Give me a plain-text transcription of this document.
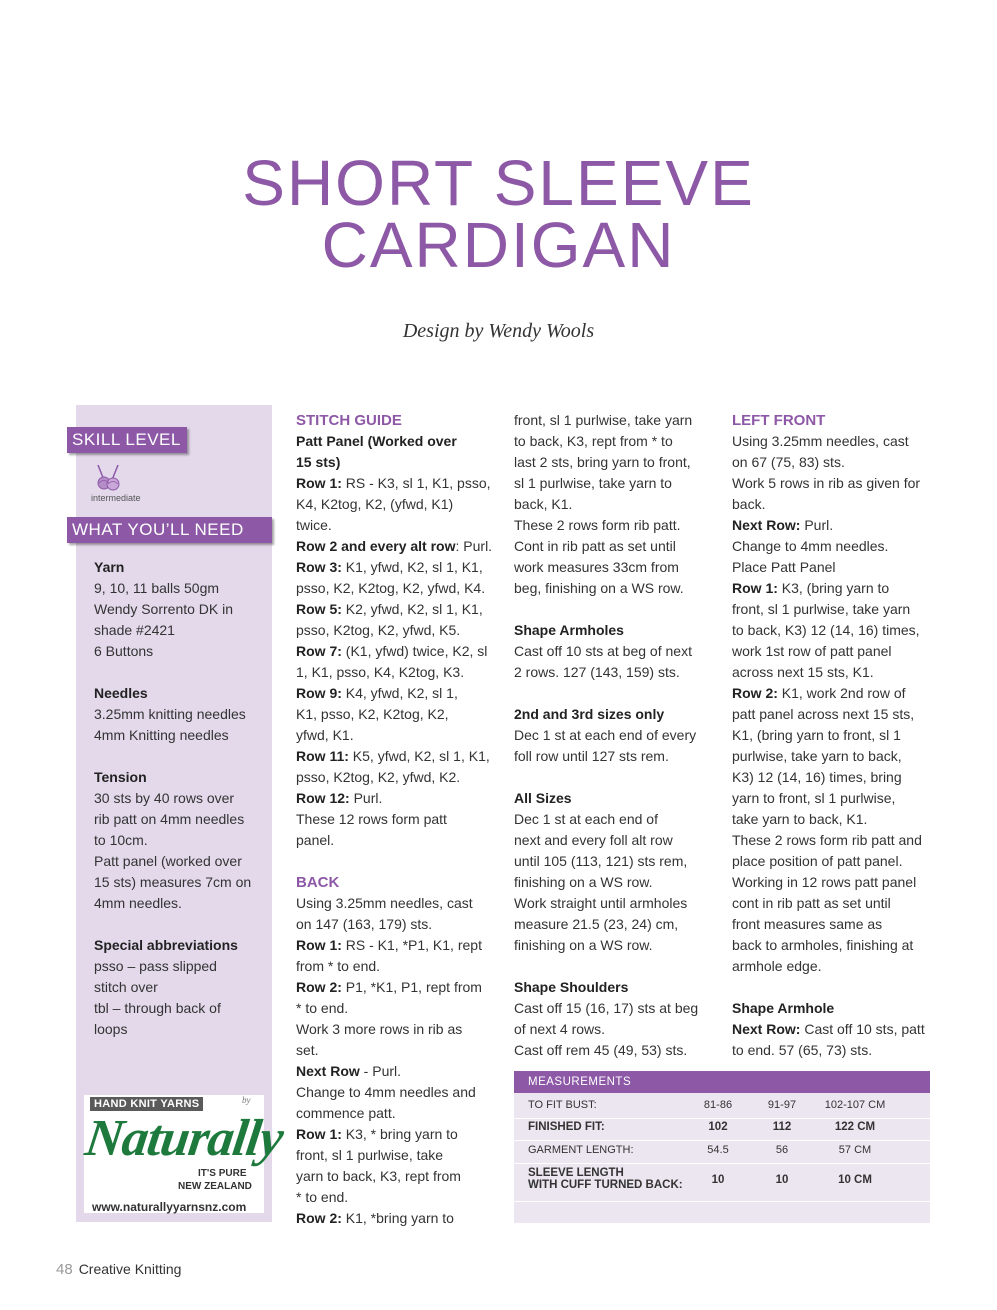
SHORT SLEEVE
CARDIGAN
Design by Wendy Wools
SKILL LEVEL
intermediate
WHAT YOU’LL NEED

Yarn

9, 10, 11 balls 50gm

Wendy Sorrento DK in

shade #2421

6 Buttons

Needles

3.25mm knitting needles

4mm Knitting needles

Tension

30 sts by 40 rows over

rib patt on 4mm needles

to 10cm.

Patt panel (worked over

15 sts) measures 7cm on

4mm needles.

Special abbreviations

psso – pass slipped

stitch over

tbl – through back of

loops

HAND KNIT YARNS	by
Naturally
IT'S PURE
NEW ZEALAND
www.naturallyyarnsnz.com

STITCH GUIDE

Patt Panel (Worked over

15 sts)

Row 1: RS - K3, sl 1, K1, psso,

K4, K2tog, K2, (yfwd, K1)

twice.

Row 2 and every alt row: Purl.

Row 3: K1, yfwd, K2, sl 1, K1,

psso, K2, K2tog, K2, yfwd, K4.

Row 5: K2, yfwd, K2, sl 1, K1,

psso, K2tog, K2, yfwd, K5.

Row 7: (K1, yfwd) twice, K2, sl

1, K1, psso, K4, K2tog, K3.

Row 9: K4, yfwd, K2, sl 1,

K1, psso, K2, K2tog, K2,

yfwd, K1.

Row 11: K5, yfwd, K2, sl 1, K1,

psso, K2tog, K2, yfwd, K2.

Row 12: Purl.

These 12 rows form patt

panel.

BACK

Using 3.25mm needles, cast

on 147 (163, 179) sts.

Row 1: RS - K1, *P1, K1, rept

from * to end.

Row 2: P1, *K1, P1, rept from

* to end.

Work 3 more rows in rib as

set.

Next Row - Purl.

Change to 4mm needles and

commence patt.

Row 1: K3, * bring yarn to

front, sl 1 purlwise, take

yarn to back, K3, rept from

* to end.

Row 2: K1, *bring yarn to

front, sl 1 purlwise, take yarn

to back, K3, rept from * to

last 2 sts, bring yarn to front,

sl 1 purlwise, take yarn to

back, K1.

These 2 rows form rib patt.

Cont in rib patt as set until

work measures 33cm from

beg, finishing on a WS row.

Shape Armholes

Cast off 10 sts at beg of next

2 rows. 127 (143, 159) sts.

2nd and 3rd sizes only

Dec 1 st at each end of every

foll row until 127 sts rem.

All Sizes

Dec 1 st at each end of

next and every foll alt row

until 105 (113, 121) sts rem,

finishing on a WS row.

Work straight until armholes

measure 21.5 (23, 24) cm,

finishing on a WS row.

Shape Shoulders

Cast off 15 (16, 17) sts at beg

of next 4 rows.

Cast off rem 45 (49, 53) sts.

LEFT FRONT

Using 3.25mm needles, cast

on 67 (75, 83) sts.

Work 5 rows in rib as given for

back.

Next Row: Purl.

Change to 4mm needles.

Place Patt Panel

Row 1: K3, (bring yarn to

front, sl 1 purlwise, take yarn

to back, K3) 12 (14, 16) times,

work 1st row of patt panel

across next 15 sts, K1.

Row 2: K1, work 2nd row of

patt panel across next 15 sts,

K1, (bring yarn to front, sl 1

purlwise, take yarn to back,

K3) 12 (14, 16) times, bring

yarn to front, sl 1 purlwise,

take yarn to back, K1.

These 2 rows form rib patt and

place position of patt panel.

Working in 12 rows patt panel

cont in rib patt as set until

front measures same as

back to armholes, finishing at

armhole edge.

Shape Armhole

Next Row: Cast off 10 sts, patt

to end. 57 (65, 73) sts.

MEASUREMENTS
TO FIT BUST:	81-86	91-97	102-107 CM
FINISHED FIT:	102	112	122 CM
GARMENT LENGTH:	54.5	56	57 CM
SLEEVE LENGTH
WITH CUFF TURNED BACK:	10	10	10 CM
48 Creative Knitting
